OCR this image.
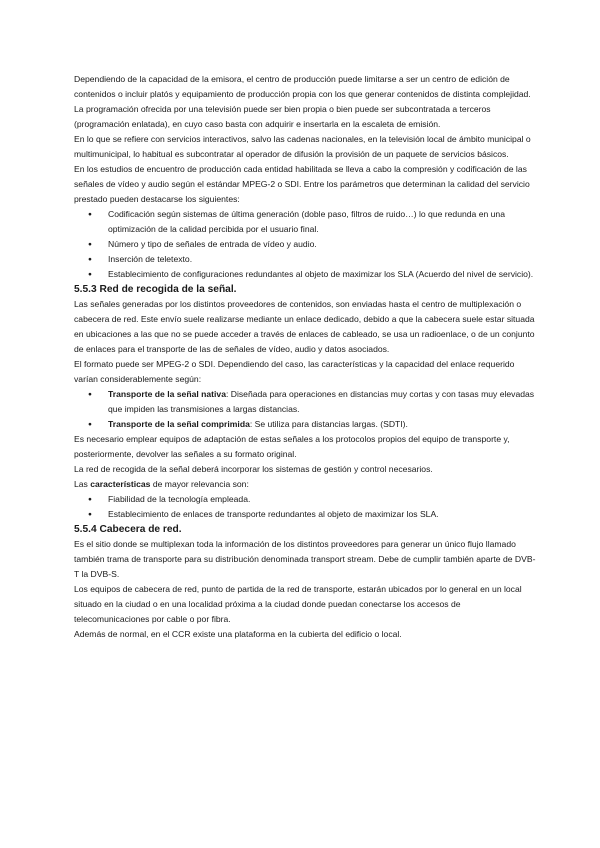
Dependiendo de la capacidad de la emisora, el centro de producción puede limitarse a ser un centro de edición de contenidos o incluir platós y equipamiento de producción propia con los que generar contenidos de distinta complejidad.

La programación ofrecida por una televisión puede ser bien propia o bien puede ser subcontratada a terceros (programación enlatada), en cuyo caso basta con adquirir e insertarla en la escaleta de emisión.

En lo que se refiere con servicios interactivos, salvo las cadenas nacionales, en la televisión local de ámbito municipal o multimunicipal, lo habitual es subcontratar al operador de difusión la provisión de un paquete de servicios básicos.

En los estudios de encuentro de producción cada entidad habilitada se lleva a cabo la compresión y codificación de las señales de vídeo y audio según el estándar MPEG-2 o SDI. Entre los parámetros que determinan la calidad del servicio prestado pueden destacarse los siguientes:

● Codificación según sistemas de última generación (doble paso, filtros de ruido…) lo que redunda en una optimización de la calidad percibida por el usuario final.
● Número y tipo de señales de entrada de vídeo y audio.
● Inserción de teletexto.
● Establecimiento de configuraciones redundantes al objeto de maximizar los SLA (Acuerdo del nivel de servicio).
5.5.3 Red de recogida de la señal.

Las señales generadas por los distintos proveedores de contenidos, son enviadas hasta el centro de multiplexación o cabecera de red. Este envío suele realizarse mediante un enlace dedicado, debido a que la cabecera suele estar situada en ubicaciones a las que no se puede acceder a través de enlaces de cableado, se usa un radioenlace, o de un conjunto de enlaces para el transporte de las de señales de vídeo, audio y datos asociados.

El formato puede ser MPEG-2 o SDI. Dependiendo del caso, las características y la capacidad del enlace requerido varían considerablemente según:

● Transporte de la señal nativa: Diseñada para operaciones en distancias muy cortas y con tasas muy elevadas que impiden las transmisiones a largas distancias.
● Transporte de la señal comprimida: Se utiliza para distancias largas. (SDTI).

Es necesario emplear equipos de adaptación de estas señales a los protocolos propios del equipo de transporte y, posteriormente, devolver las señales a su formato original.

La red de recogida de la señal deberá incorporar los sistemas de gestión y control necesarios.

Las características de mayor relevancia son:

● Fiabilidad de la tecnología empleada.
● Establecimiento de enlaces de transporte redundantes al objeto de maximizar los SLA.
5.5.4 Cabecera de red.

Es el sitio donde se multiplexan toda la información de los distintos proveedores para generar un único flujo llamado también trama de transporte para su distribución denominada transport stream. Debe de cumplir también aparte de DVB-T la DVB-S.

Los equipos de cabecera de red, punto de partida de la red de transporte, estarán ubicados por lo general en un local situado en la ciudad o en una localidad próxima a la ciudad donde puedan conectarse los accesos de telecomunicaciones por cable o por fibra.

Además de normal, en el CCR existe una plataforma en la cubierta del edificio o local.
